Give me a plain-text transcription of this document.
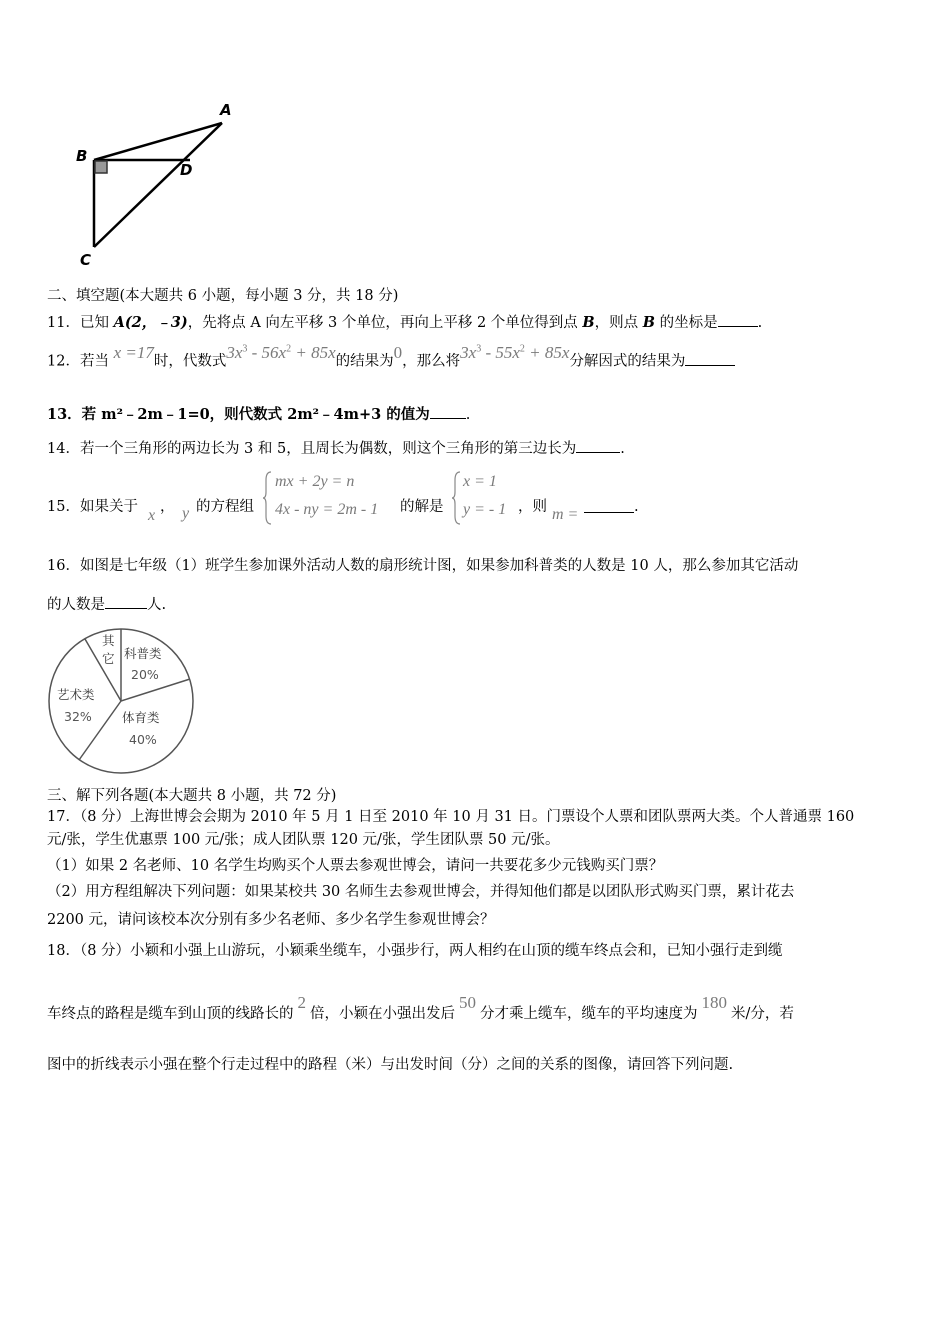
A
B
C
D
二、填空题(本大题共 6 小题，每小题 3 分，共 18 分)
11．已知 A(2，﹣3)，先将点 A 向左平移 3 个单位，再向上平移 2 个单位得到点 B，则点 B 的坐标是	.
12．若当 x =17时，代数式$3x^3 - 56x^2 + 85x$的结果为0，那么将$3x^3 - 55x^2 + 85x$分解因式的结果为
13．若 m²﹣2m﹣1=0，则代数式 2m²﹣4m+3 的值为 .
14．若一个三角形的两边长为 3 和 5，且周长为偶数，则这个三角形的第三边长为	.
15．如果关于 x ， y 的方程组
mx + 2y = n
4x - ny = 2m - 1 的解是
x = 1
y = - 1 ，则 m =	.
16．如图是七年级（1）班学生参加课外活动人数的扇形统计图，如果参加科普类的人数是 10 人，那么参加其它活动
的人数是	人.
科普类
20%
体育类
40%
艺术类
32%
其
它
三、解下列各题(本大题共 8 小题，共 72 分)
17．（8 分）上海世博会会期为 2010 年 5 月 1 日至 2010 年 10 月 31 日。门票设个人票和团队票两大类。个人普通票 160
元/张，学生优惠票 100 元/张；成人团队票 120 元/张，学生团队票 50 元/张。
（1）如果 2 名老师、10 名学生均购买个人票去参观世博会，请问一共要花多少元钱购买门票？
（2）用方程组解决下列问题：如果某校共 30 名师生去参观世博会，并得知他们都是以团队形式购买门票，累计花去
2200 元，请问该校本次分别有多少名老师、多少名学生参观世博会？
18．（8 分）小颖和小强上山游玩，小颖乘坐缆车，小强步行，两人相约在山顶的缆车终点会和，已知小强行走到缆
车终点的路程是缆车到山顶的线路长的2倍，小颖在小强出发后50分才乘上缆车，缆车的平均速度为180米/分，若
图中的折线表示小强在整个行走过程中的路程（米）与出发时间（分）之间的关系的图像，请回答下列问题.
